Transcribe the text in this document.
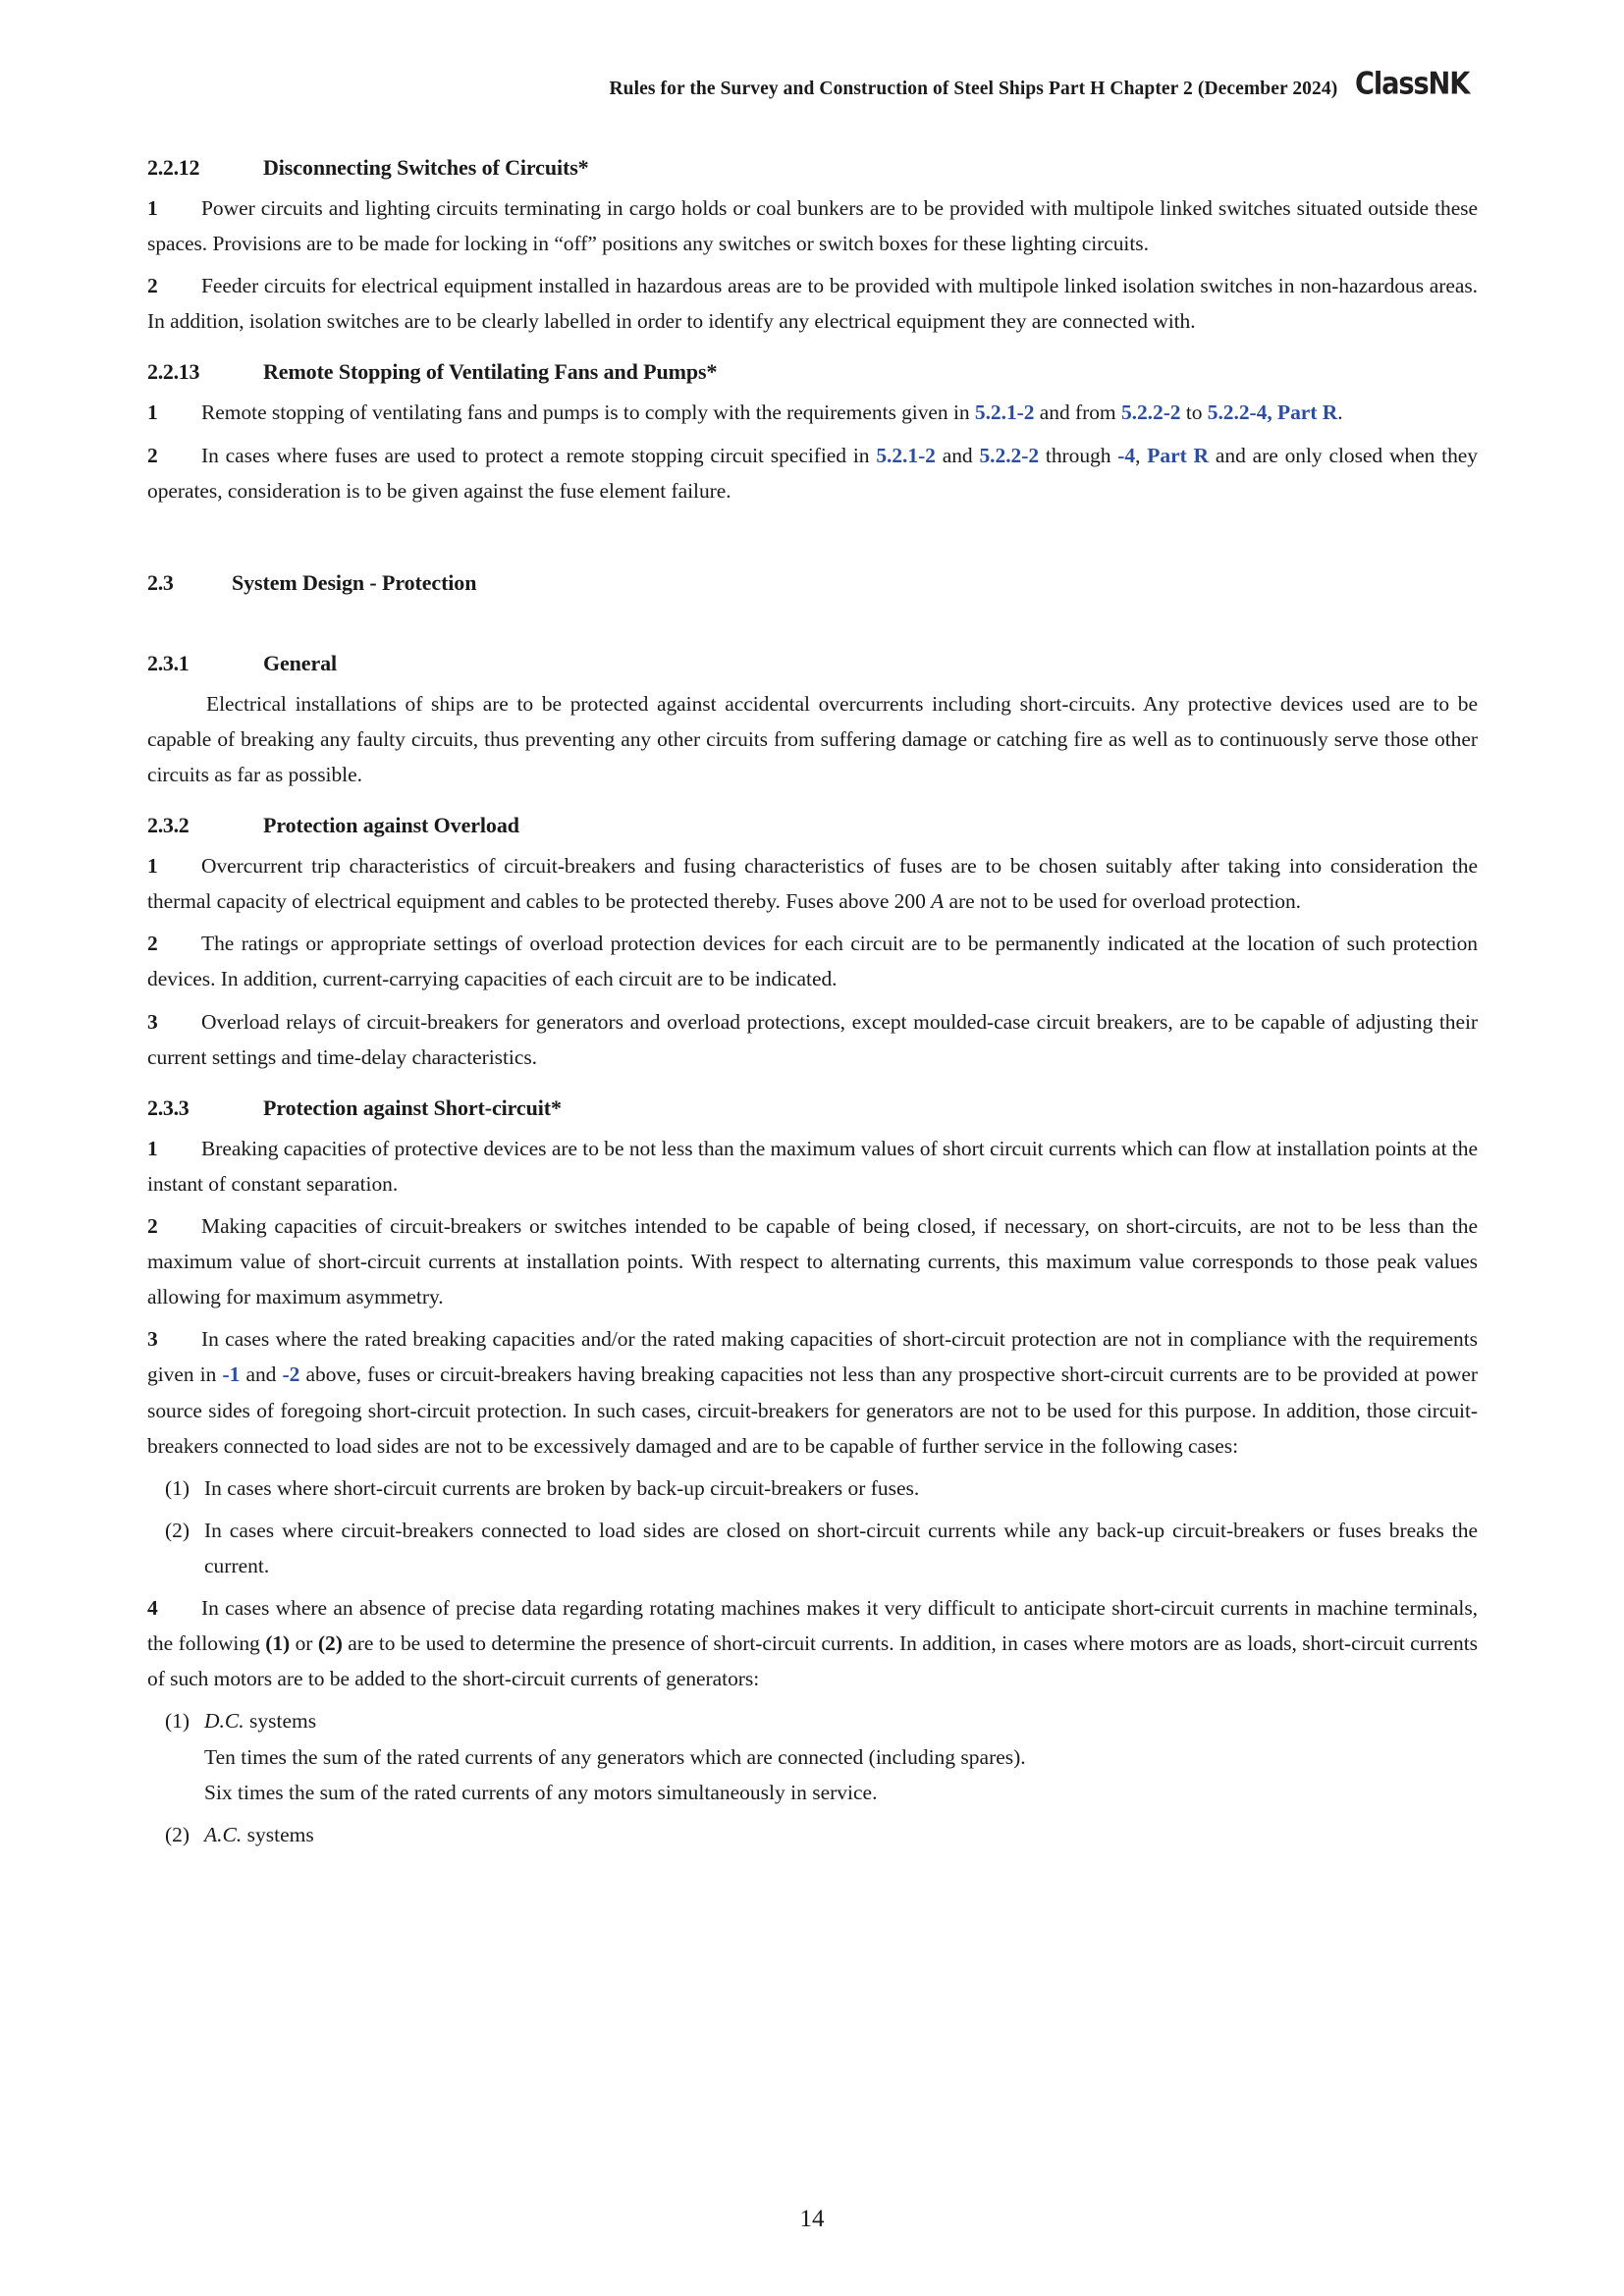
Rules for the Survey and Construction of Steel Ships Part H Chapter 2 (December 2024) ClassNK
2.2.12	Disconnecting Switches of Circuits*

1 Power circuits and lighting circuits terminating in cargo holds or coal bunkers are to be provided with multipole linked switches situated outside these spaces. Provisions are to be made for locking in “off” positions any switches or switch boxes for these lighting circuits.

2 Feeder circuits for electrical equipment installed in hazardous areas are to be provided with multipole linked isolation switches in non-hazardous areas. In addition, isolation switches are to be clearly labelled in order to identify any electrical equipment they are connected with.

2.2.13	Remote Stopping of Ventilating Fans and Pumps*

1 Remote stopping of ventilating fans and pumps is to comply with the requirements given in 5.2.1-2 and from 5.2.2-2 to 5.2.2-4, Part R.

2 In cases where fuses are used to protect a remote stopping circuit specified in 5.2.1-2 and 5.2.2-2 through -4, Part R and are only closed when they operates, consideration is to be given against the fuse element failure.

2.3	System Design - Protection
2.3.1	General

Electrical installations of ships are to be protected against accidental overcurrents including short-circuits. Any protective devices used are to be capable of breaking any faulty circuits, thus preventing any other circuits from suffering damage or catching fire as well as to continuously serve those other circuits as far as possible.

2.3.2	Protection against Overload

1 Overcurrent trip characteristics of circuit-breakers and fusing characteristics of fuses are to be chosen suitably after taking into consideration the thermal capacity of electrical equipment and cables to be protected thereby. Fuses above 200 A are not to be used for overload protection.

2 The ratings or appropriate settings of overload protection devices for each circuit are to be permanently indicated at the location of such protection devices. In addition, current-carrying capacities of each circuit are to be indicated.

3 Overload relays of circuit-breakers for generators and overload protections, except moulded-case circuit breakers, are to be capable of adjusting their current settings and time-delay characteristics.

2.3.3	Protection against Short-circuit*

1 Breaking capacities of protective devices are to be not less than the maximum values of short circuit currents which can flow at installation points at the instant of constant separation.

2 Making capacities of circuit-breakers or switches intended to be capable of being closed, if necessary, on short-circuits, are not to be less than the maximum value of short-circuit currents at installation points. With respect to alternating currents, this maximum value corresponds to those peak values allowing for maximum asymmetry.

3 In cases where the rated breaking capacities and/or the rated making capacities of short-circuit protection are not in compliance with the requirements given in -1 and -2 above, fuses or circuit-breakers having breaking capacities not less than any prospective short-circuit currents are to be provided at power source sides of foregoing short-circuit protection. In such cases, circuit-breakers for generators are not to be used for this purpose. In addition, those circuit-breakers connected to load sides are not to be excessively damaged and are to be capable of further service in the following cases:

(1) In cases where short-circuit currents are broken by back-up circuit-breakers or fuses.
(2) In cases where circuit-breakers connected to load sides are closed on short-circuit currents while any back-up circuit-breakers or fuses breaks the current.

4 In cases where an absence of precise data regarding rotating machines makes it very difficult to anticipate short-circuit currents in machine terminals, the following (1) or (2) are to be used to determine the presence of short-circuit currents. In addition, in cases where motors are as loads, short-circuit currents of such motors are to be added to the short-circuit currents of generators:

(1) D.C. systems
Ten times the sum of the rated currents of any generators which are connected (including spares).
Six times the sum of the rated currents of any motors simultaneously in service.
(2) A.C. systems
14
